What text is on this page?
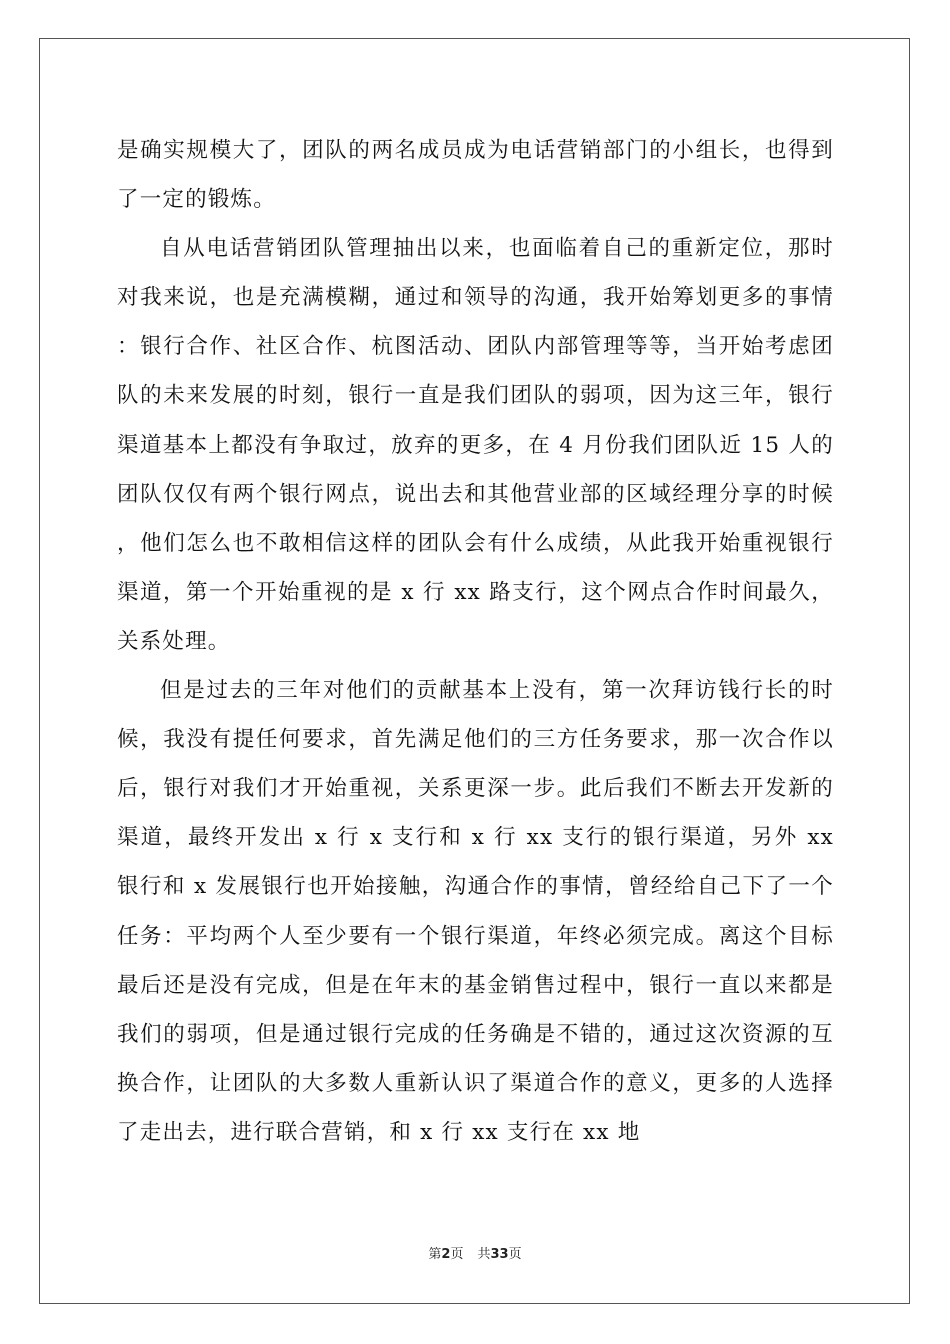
是确实规模大了，团队的两名成员成为电话营销部门的小组长，也得到了一定的锻炼。

自从电话营销团队管理抽出以来，也面临着自己的重新定位，那时对我来说，也是充满模糊，通过和领导的沟通，我开始筹划更多的事情：银行合作、社区合作、杭图活动、团队内部管理等等，当开始考虑团队的未来发展的时刻，银行一直是我们团队的弱项，因为这三年，银行渠道基本上都没有争取过，放弃的更多，在 4 月份我们团队近 15 人的团队仅仅有两个银行网点，说出去和其他营业部的区域经理分享的时候，他们怎么也不敢相信这样的团队会有什么成绩，从此我开始重视银行渠道，第一个开始重视的是 x 行 xx 路支行，这个网点合作时间最久，关系处理。

但是过去的三年对他们的贡献基本上没有，第一次拜访钱行长的时候，我没有提任何要求，首先满足他们的三方任务要求，那一次合作以后，银行对我们才开始重视，关系更深一步。此后我们不断去开发新的渠道，最终开发出 x 行 x 支行和 x 行 xx 支行的银行渠道，另外 xx 银行和 x 发展银行也开始接触，沟通合作的事情，曾经给自己下了一个任务：平均两个人至少要有一个银行渠道，年终必须完成。离这个目标最后还是没有完成，但是在年末的基金销售过程中，银行一直以来都是我们的弱项，但是通过银行完成的任务确是不错的，通过这次资源的互换合作，让团队的大多数人重新认识了渠道合作的意义，更多的人选择了走出去，进行联合营销，和 x 行 xx 支行在 xx 地

第2页 共33页
